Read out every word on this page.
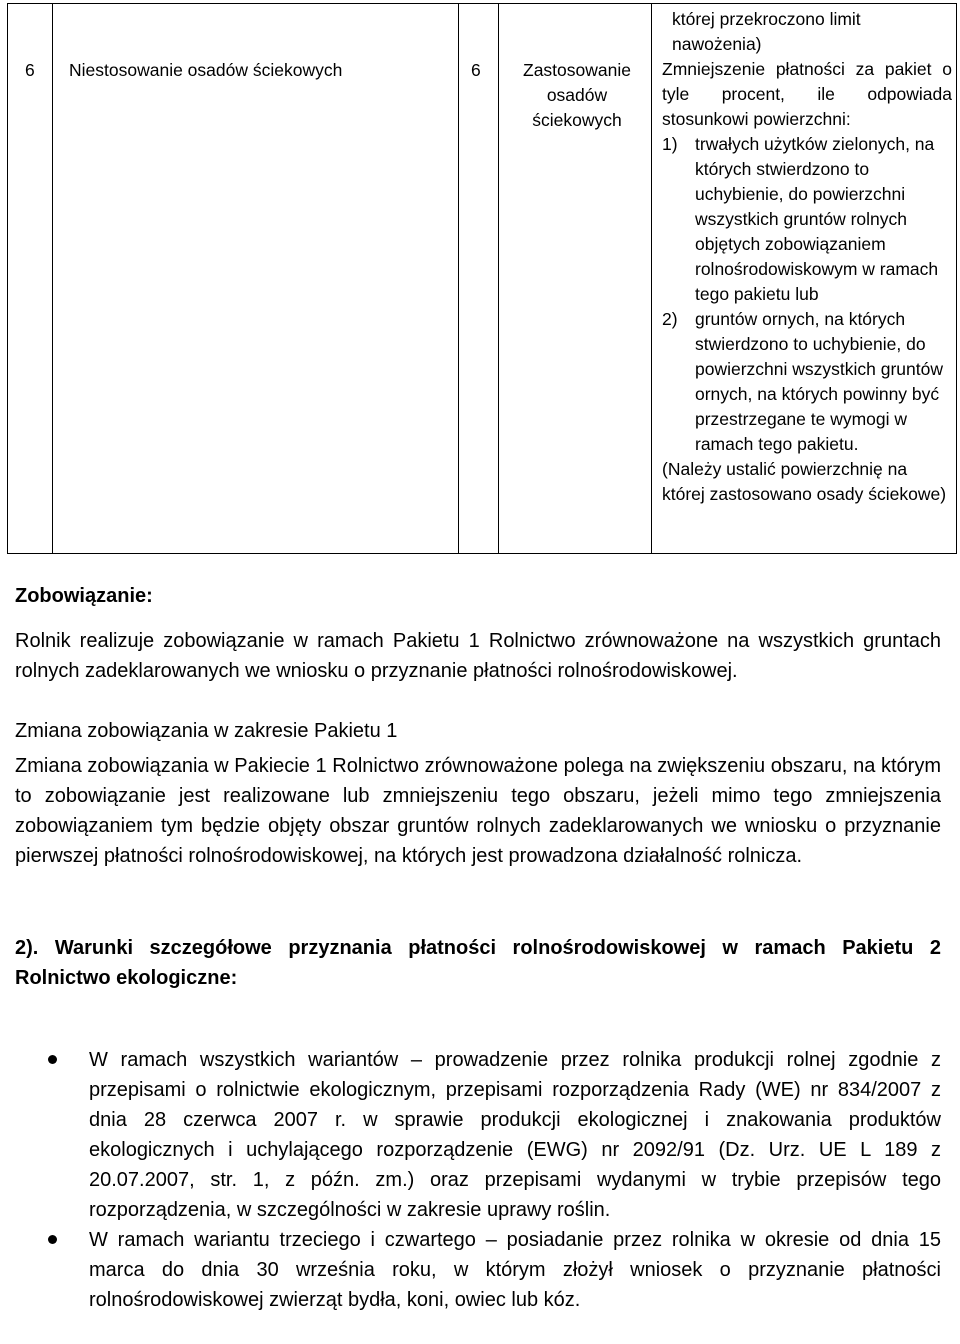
6 Niestosowanie osadów ściekowych	6	Zastosowanie osadów ściekowych
której przekroczono limit
nawożenia)
Zmniejszenie płatności za pakiet o tyle procent, ile odpowiada stosunkowi powierzchni:
1) trwałych użytków zielonych, na których stwierdzono to uchybienie, do powierzchni wszystkich gruntów rolnych objętych zobowiązaniem rolnośrodowiskowym w ramach tego pakietu lub
2) gruntów ornych, na których stwierdzono to uchybienie, do powierzchni wszystkich gruntów ornych, na których powinny być przestrzegane te wymogi w ramach tego pakietu.
(Należy ustalić powierzchnię na której zastosowano osady ściekowe)
Zobowiązanie:
Rolnik realizuje zobowiązanie w ramach Pakietu 1 Rolnictwo zrównoważone na wszystkich gruntach rolnych zadeklarowanych we wniosku o przyznanie płatności rolnośrodowiskowej.
Zmiana zobowiązania w zakresie Pakietu 1
Zmiana zobowiązania w Pakiecie 1 Rolnictwo zrównoważone polega na zwiększeniu obszaru, na którym to zobowiązanie jest realizowane lub zmniejszeniu tego obszaru, jeżeli mimo tego zmniejszenia zobowiązaniem tym będzie objęty obszar gruntów rolnych zadeklarowanych we wniosku o przyznanie pierwszej płatności rolnośrodowiskowej, na których jest prowadzona działalność rolnicza.
2). Warunki szczegółowe przyznania płatności rolnośrodowiskowej w ramach Pakietu 2 Rolnictwo ekologiczne:
W ramach wszystkich wariantów – prowadzenie przez rolnika produkcji rolnej zgodnie z przepisami o rolnictwie ekologicznym, przepisami rozporządzenia Rady (WE) nr 834/2007 z dnia 28 czerwca 2007 r. w sprawie produkcji ekologicznej i znakowania produktów ekologicznych i uchylającego rozporządzenie (EWG) nr 2092/91 (Dz. Urz. UE L 189 z 20.07.2007, str. 1, z późn. zm.) oraz przepisami wydanymi w trybie przepisów tego rozporządzenia, w szczególności w zakresie uprawy roślin.
W ramach wariantu trzeciego i czwartego – posiadanie przez rolnika w okresie od dnia 15 marca do dnia 30 września roku, w którym złożył wniosek o przyznanie płatności rolnośrodowiskowej zwierząt bydła, koni, owiec lub kóz.
